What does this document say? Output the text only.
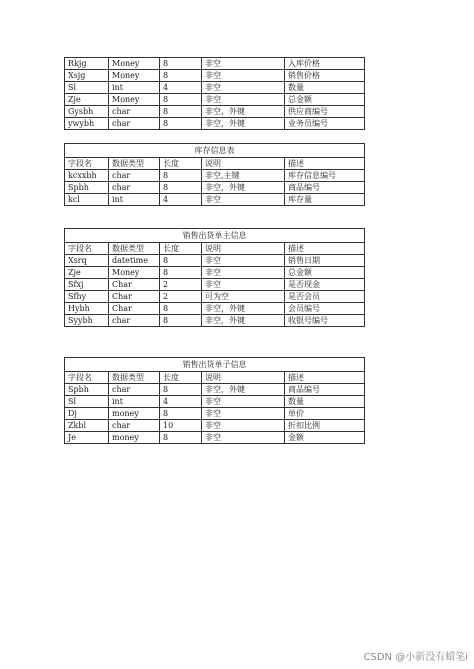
Rkjg	Money	8	非空	入库价格
Xsjg	Money	8	非空	销售价格
Sl	int	4	非空	数量
Zje	Money	8	非空	总金额
Gysbh	char	8	非空，外键	供应商编号
ywybh	char	8	非空，外键	业务员编号
库存信息表				
字段名	数据类型	长度	说明	描述
kcxxbh	char	8	非空,主键	库存信息编号
Spbh	char	8	非空，外键	商品编号
kcl	int	4	非空	库存量
销售出货单主信息				
字段名	数据类型	长度	说明	描述
Xsrq	datetime	8	非空	销售日期
Zje	Money	8	非空	总金额
Sfxj	Char	2	非空	是否现金
Sfhy	Char	2	可为空	是否会员
Hybh	Char	8	非空，外键	会员编号
Syybh	char	8	非空，外键	收银号编号
销售出货单子信息				
字段名	数据类型	长度	说明	描述
Spbh	char	8	非空，外键	商品编号
Sl	int	4	非空	数量
Dj	money	8	非空	单价
Zkbl	char	10	非空	折扣比例
Je	money	8	非空	金额
CSDN @小新没有蜡笔i
